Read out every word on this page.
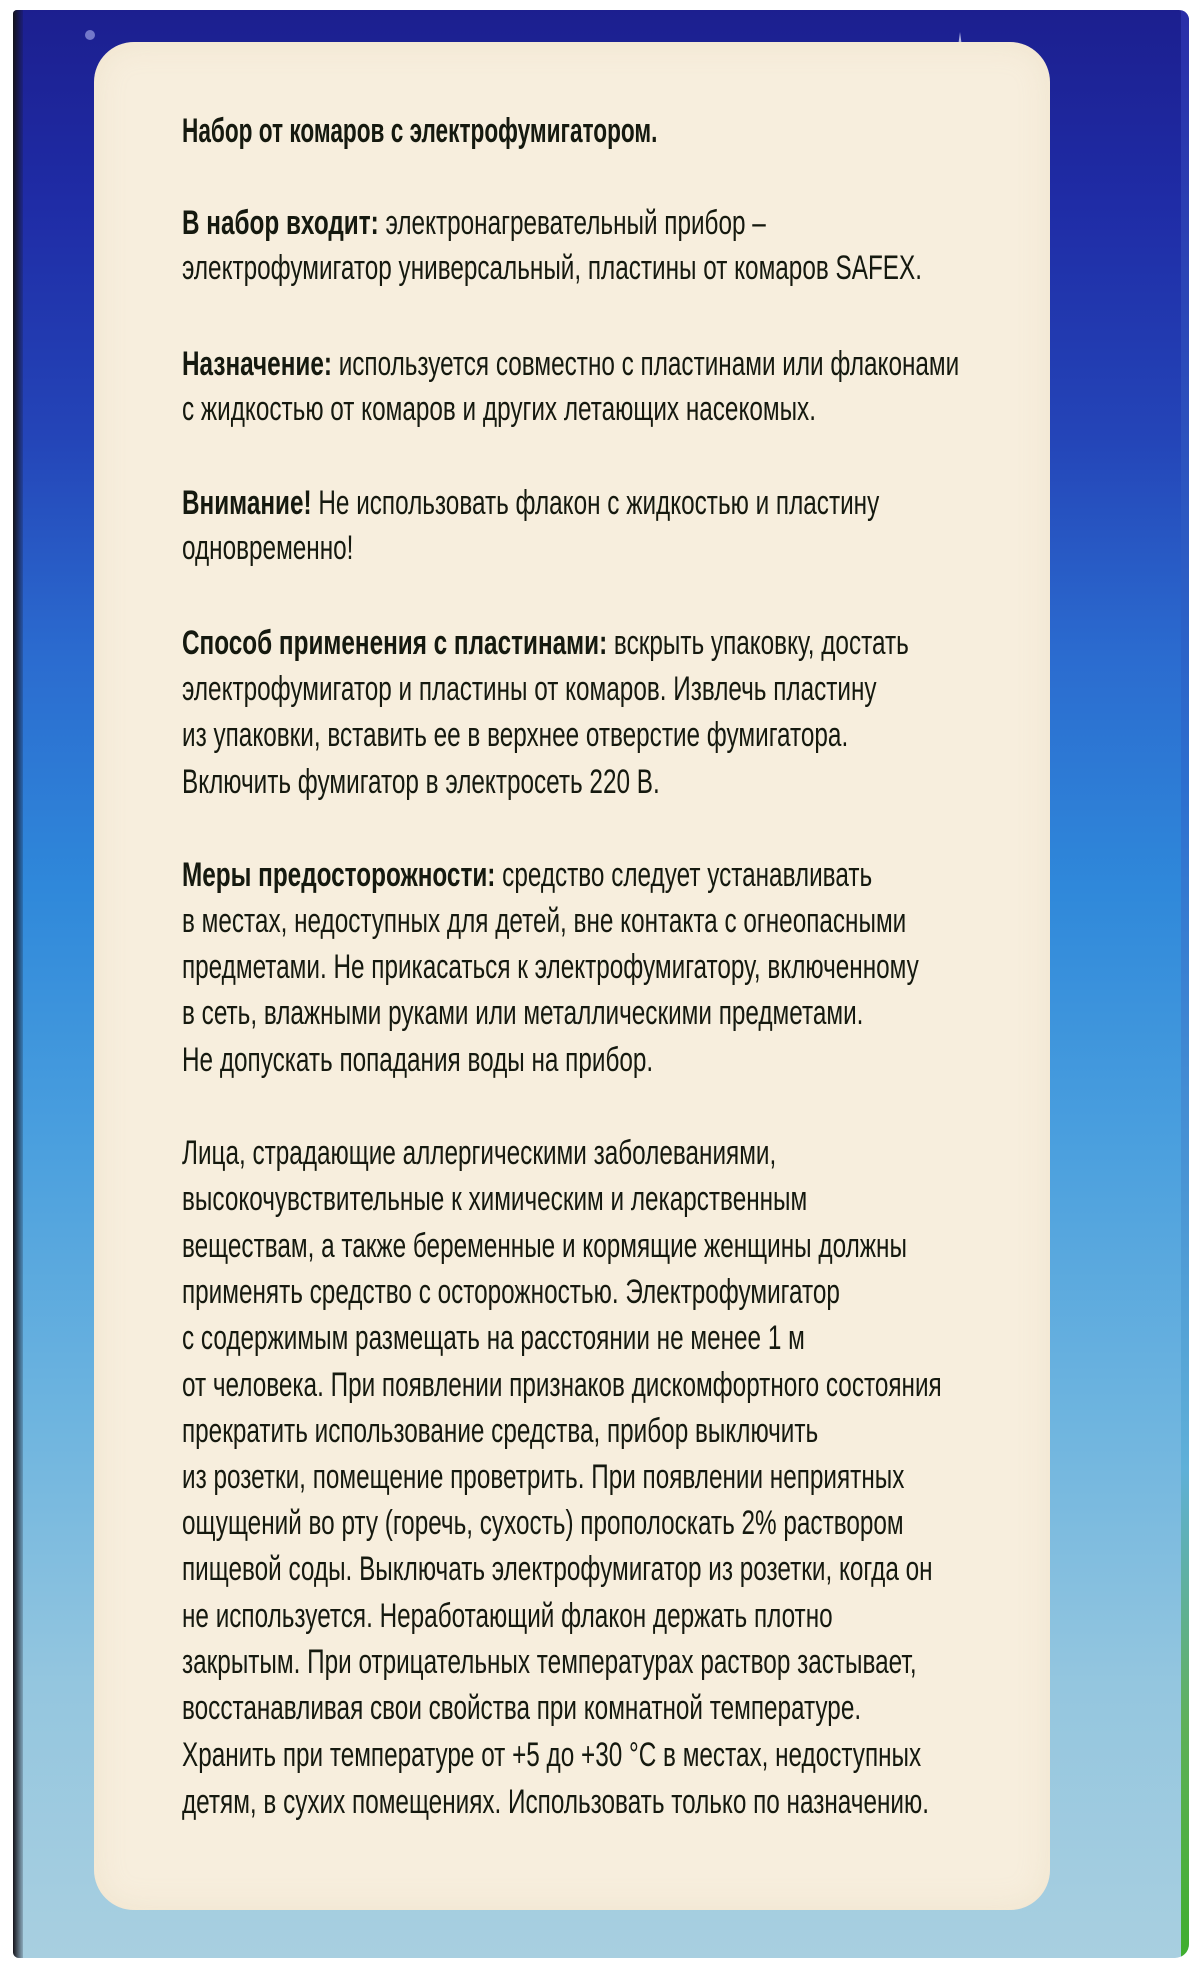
Набор от комаров с электрофумигатором.
В набор входит: электронагревательный прибор –
электрофумигатор универсальный, пластины от комаров SAFEX.
Назначение: используется совместно с пластинами или флаконами
с жидкостью от комаров и других летающих насекомых.
Внимание! Не использовать флакон с жидкостью и пластину
одновременно!
Способ применения с пластинами: вскрыть упаковку, достать
электрофумигатор и пластины от комаров. Извлечь пластину
из упаковки, вставить ее в верхнее отверстие фумигатора.
Включить фумигатор в электросеть 220 В.
Меры предосторожности: средство следует устанавливать
в местах, недоступных для детей, вне контакта с огнеопасными
предметами. Не прикасаться к электрофумигатору, включенному
в сеть, влажными руками или металлическими предметами.
Не допускать попадания воды на прибор.
Лица, страдающие аллергическими заболеваниями,
высокочувствительные к химическим и лекарственным
веществам, а также беременные и кормящие женщины должны
применять средство с осторожностью. Электрофумигатор
с содержимым размещать на расстоянии не менее 1 м
от человека. При появлении признаков дискомфортного состояния
прекратить использование средства, прибор выключить
из розетки, помещение проветрить. При появлении неприятных
ощущений во рту (горечь, сухость) прополоскать 2% раствором
пищевой соды. Выключать электрофумигатор из розетки, когда он
не используется. Неработающий флакон держать плотно
закрытым. При отрицательных температурах раствор застывает,
восстанавливая свои свойства при комнатной температуре.
Хранить при температуре от +5 до +30 °С в местах, недоступных
детям, в сухих помещениях. Использовать только по назначению.
